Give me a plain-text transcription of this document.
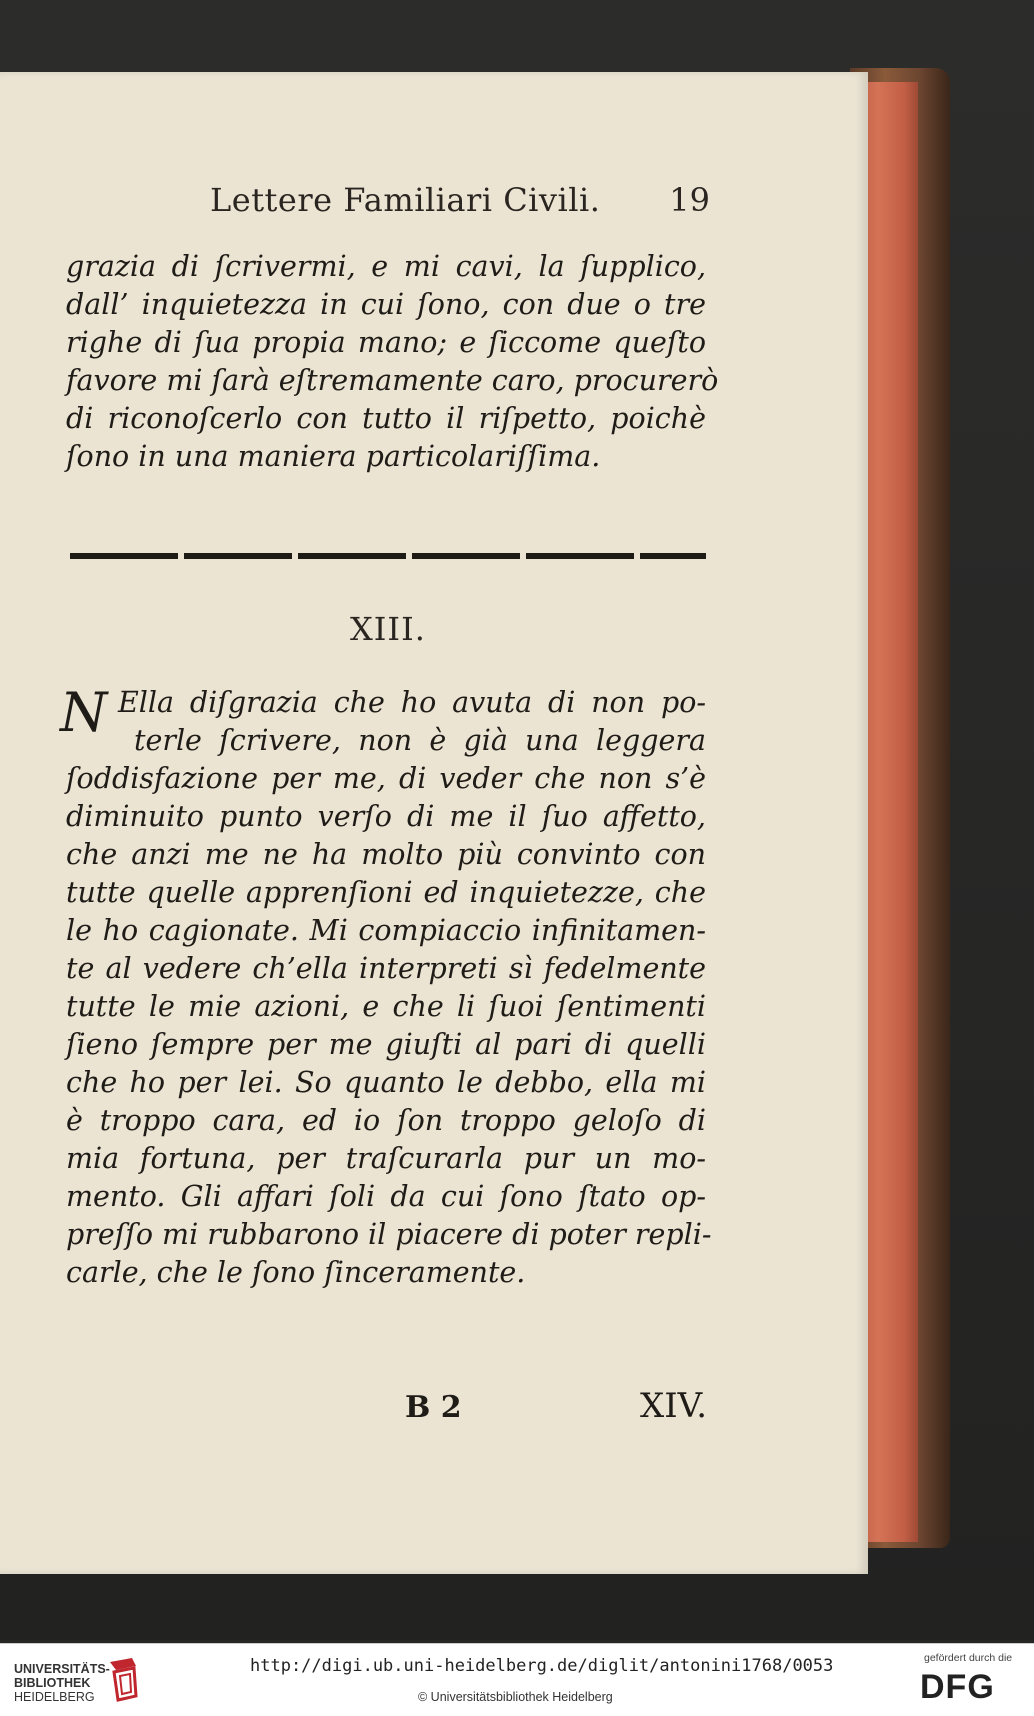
Lettere Familiari Civili. 19
grazia di ſcrivermi, e mi cavi, la ſupplico,
dall’ inquietezza in cui ſono, con due o tre
righe di ſua propia mano; e ſiccome queſto
favore mi ſarà eſtremamente caro, procurerò
di riconoſcerlo con tutto il riſpetto, poichè
ſono in una maniera particolariſſima.
XIII.
N Ella diſgrazia che ho avuta di non po-
terle ſcrivere, non è già una leggera
ſoddisfazione per me, di veder che non s’è
diminuito punto verſo di me il ſuo affetto,
che anzi me ne ha molto più convinto con
tutte quelle apprenſioni ed inquietezze, che
le ho cagionate. Mi compiaccio infinitamen-
te al vedere ch’ella interpreti sì fedelmente
tutte le mie azioni, e che li ſuoi ſentimenti
ſieno ſempre per me giuſti al pari di quelli
che ho per lei. So quanto le debbo, ella mi
è troppo cara, ed io ſon troppo geloſo di
mia fortuna, per traſcurarla pur un mo-
mento. Gli affari ſoli da cui ſono ſtato op-
preſſo mi rubbarono il piacere di poter repli-
carle, che le ſono ſinceramente.
B 2	XIV.
UNIVERSITÄTS-
BIBLIOTHEK
HEIDELBERG
http://digi.ub.uni-heidelberg.de/diglit/antonini1768/0053
© Universitätsbibliothek Heidelberg
gefördert durch die
DFG
